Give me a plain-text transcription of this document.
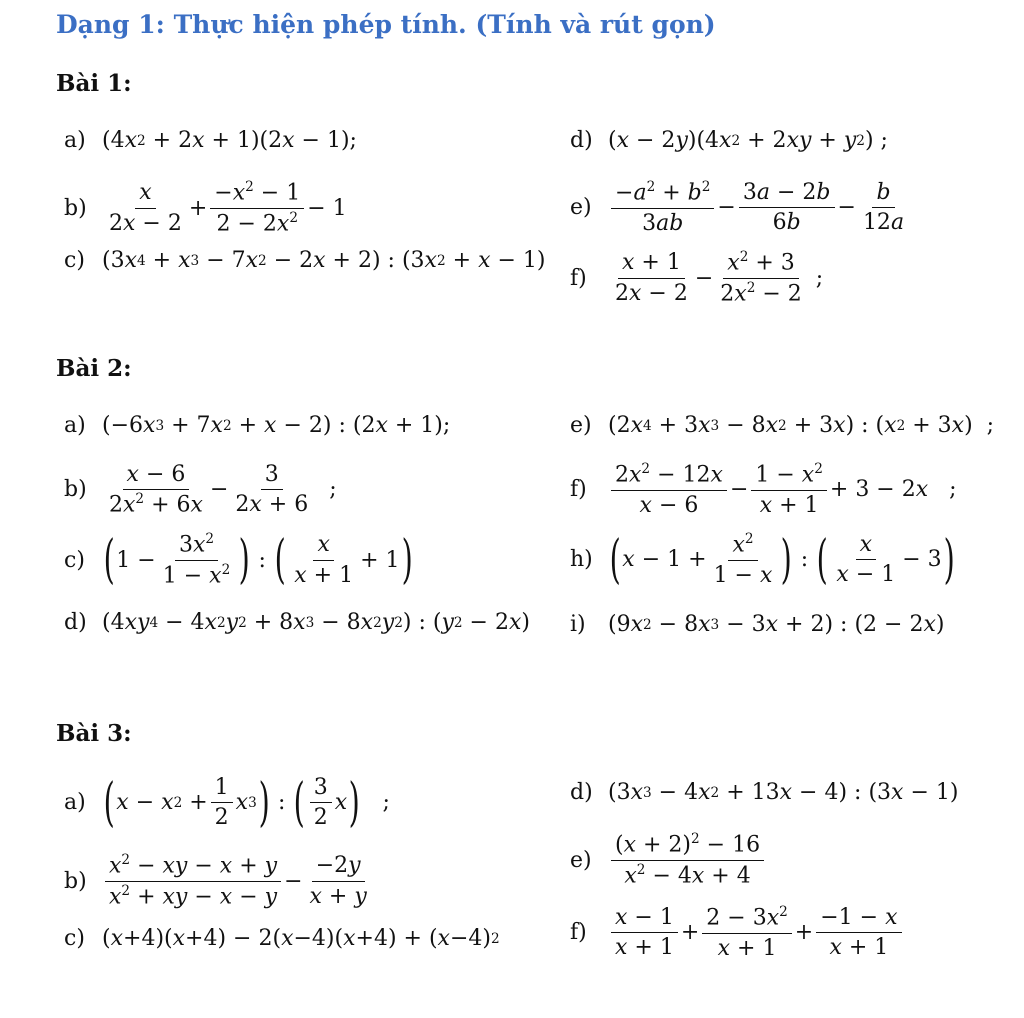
Dạng 1: Thực hiện phép tính. (Tính và rút gọn)
Bài 1:
a) (4 x 2 + 2 x + 1)(2 x − 1);
b)
x
2x − 2
+
$-x^2 - 1$
$2 - 2x^2 - 1$
c) (3 x 4 + x 3 − 7 x 2 − 2 x + 2) : (3 x 2 + x − 1)
d) ( x − 2 y )(4 x 2 + 2 xy + y 2 ) ;
e)
$-a^2 + b^2$
3ab
−
3a − 2b
6b
−
b
12a
f)
x + 1
2x − 2
−
$x^2 + 3$
$2x^2 - 2$
;
Bài 2:
a) (−6 x 3 + 7 x 2 + x − 2) : (2 x + 1);
b)
x − 6
$2x^2 + 6x$
−
3
2x + 6
;
c) ( 1 −
$3x^2$
$1 - x^2$ ) : ( x
x + 1
+ 1 )
d) (4 xy 4 − 4 x 2 y 2 + 8 x 3 − 8 x 2 y 2 ) : ( y 2 − 2 x )
e) (2 x 4 + 3 x 3 − 8 x 2 + 3 x ) : ( x 2 + 3 x )  ;
f)
$2x^2 - 12x$
x − 6
−
$1 - x^2$
x + 1
+ 3 − 2 x ;
h) ( x − 1 +
$x^2$
1 − x ) : ( x
x − 1
− 3 )
i)	(9 x 2 − 8 x 3 − 3 x + 2) : (2 − 2 x )
Bài 3:
a) ( x − x 2 +
1
2
x 3 ) : ( 3
2
x ) ;
b)
$x^2$ − xy − x + y
$x^2$ + xy − x − y
−
−2y
x + y
c) ( x +4)( x +4) − 2( x −4)( x +4) + ( x −4) 2
d) (3 x 3 − 4 x 2 + 13 x − 4) : (3 x − 1)
e)
$(x + 2)^2 - 16$
$x^2 - 4x + 4$
f)
x − 1
x + 1
+
$2 - 3x^2$
x + 1
+
−1 − x
x + 1
